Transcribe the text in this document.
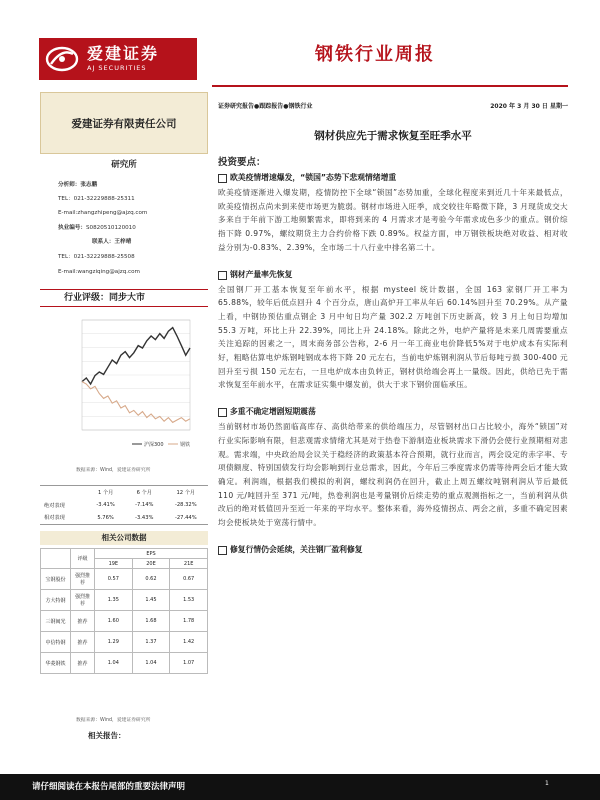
爱建证券
AJ SECURITIES
钢铁行业周报
爱建证券有限责任公司
研究所
分析师：张志鹏
TEL：021-32229888-25311
E-mail:zhangzhipeng@ajzq.com
执业编号：S0820510120010
联系人：王梓晴
TEL：021-32229888-25508
E-mail:wangziqing@ajzq.com
行业评级：同步大市
沪深300	钢铁
数据来源：Wind，爱建证券研究所
	1 个月	6 个月	12 个月
绝对表现	-3.41%	-7.14%	-28.32%
相对表现	5.76%	-3.43%	-27.44%
相关公司数据
	评级	EPS		
		19E	20E	21E
宝钢股份	强烈推荐	0.57	0.62	0.67
方大特钢	强烈推荐	1.35	1.45	1.53
三钢闽光	推荐	1.60	1.68	1.78
中信特钢	推荐	1.29	1.37	1.42
华菱钢铁	推荐	1.04	1.04	1.07
数据来源：Wind，爱建证券研究所
相关报告：
证券研究报告●跟踪报告●钢铁行业	2020 年 3 月 30 日 星期一
钢材供应先于需求恢复至旺季水平
投资要点：
欧美疫情增速爆发，“锁国”态势下悲观情绪增重
欧美疫情逐渐进入爆发期，疫情防控下全球“锁国”态势加重，全球化程度来到近几十年来最低点，欧美疫情拐点尚未到来使市场更为脆弱。钢材市场进入旺季，成交较往年略微下降，3 月现货成交大多来自于年前下游工地频繁需求，即将到来的 4 月需求才是考验今年需求成色多少的重点。钢价综指下降 0.97%，螺纹期货主力合约价格下跌 0.89%。权益方面，申万钢铁板块绝对收益、相对收益分别为-0.83%、2.39%，全市场二十八行业中排名第二十。
钢材产量率先恢复
全国钢厂开工基本恢复至年前水平，根据 mysteel 统计数据，全国 163 家钢厂开工率为 65.88%，较年后低点回升 4 个百分点，唐山高炉开工率从年后 60.14%回升至 70.29%。从产量上看，中钢协预估重点钢企 3 月中旬日均产量 302.2 万吨创下历史新高，较 3 月上旬日均增加 55.3 万吨，环比上升 22.39%，同比上升 24.18%。除此之外，电炉产量将是未来几周需要重点关注追踪的因素之一，周末商务部公告称，2-6 月一年工商业电价降低5%对于电炉成本有实际利好，粗略估算电炉炼钢吨钢成本将下降 20 元左右，当前电炉炼钢利润从节后每吨亏损 300-400 元回升至亏损 150 元左右，一旦电炉成本由负转正，钢材供给端会再上一量级。因此，供给已先于需求恢复至年前水平，在需求证实集中爆发前，供大于求下钢价面临承压。
多重不确定增剧短期震荡
当前钢材市场仍然面临高库存、高供给带来的供给端压力，尽管钢材出口占比较小，海外“锁国”对行业实际影响有限，但悲观需求情绪尤其是对于热卷下游制造业板块需求下滑仍会使行业预期相对悲观。需求端，中央政治局会议关于稳经济的政策基本符合预期，就行业而言，两会设定的赤字率、专项债额度、特别国债发行均会影响到行业总需求，因此，今年后三季度需求仍需等待两会后才能大致确定。利润端，根据我们模拟的利润，螺纹利润仍在回升，截止上周五螺纹吨钢利润从节后最低 110 元/吨回升至 371 元/吨，热卷利润也是考量钢价后续走势的重点观测指标之一，当前利润从供改后的绝对低值回升至近一年来的平均水平。整体来看，海外疫情拐点、两会之前，多重不确定因素均会使板块处于宽荡行情中。
修复行情仍会延续，关注钢厂盈利修复
请仔细阅读在本报告尾部的重要法律声明	1
